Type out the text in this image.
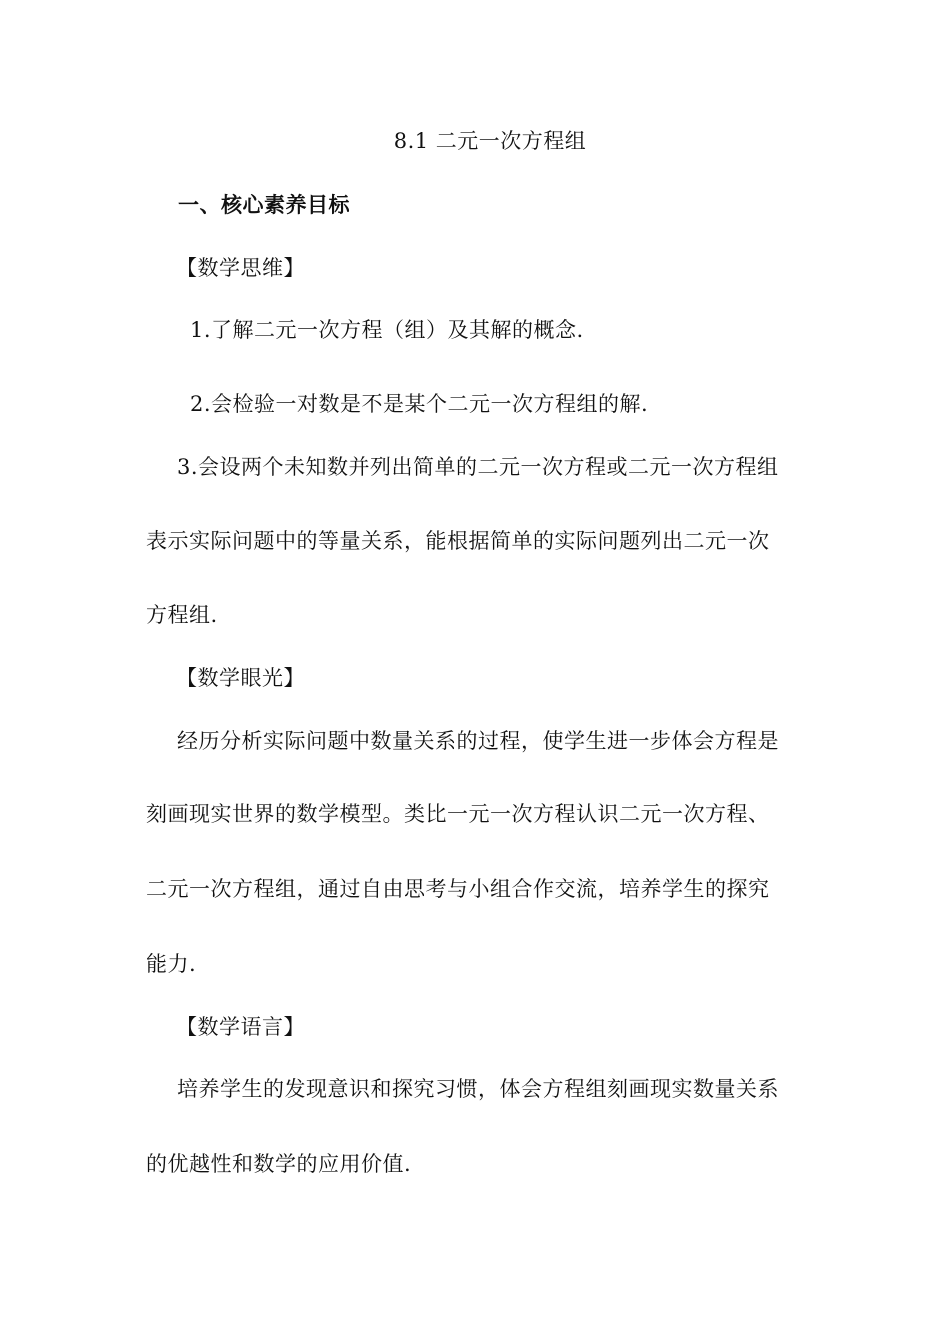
8.1 二元一次方程组
一、核心素养目标
【数学思维】
1.了解二元一次方程（组）及其解的概念.
2.会检验一对数是不是某个二元一次方程组的解.
3.会设两个未知数并列出简单的二元一次方程或二元一次方程组
表示实际问题中的等量关系，能根据简单的实际问题列出二元一次
方程组.
【数学眼光】
经历分析实际问题中数量关系的过程，使学生进一步体会方程是
刻画现实世界的数学模型。类比一元一次方程认识二元一次方程、
二元一次方程组，通过自由思考与小组合作交流，培养学生的探究
能力.
【数学语言】
培养学生的发现意识和探究习惯，体会方程组刻画现实数量关系
的优越性和数学的应用价值.
